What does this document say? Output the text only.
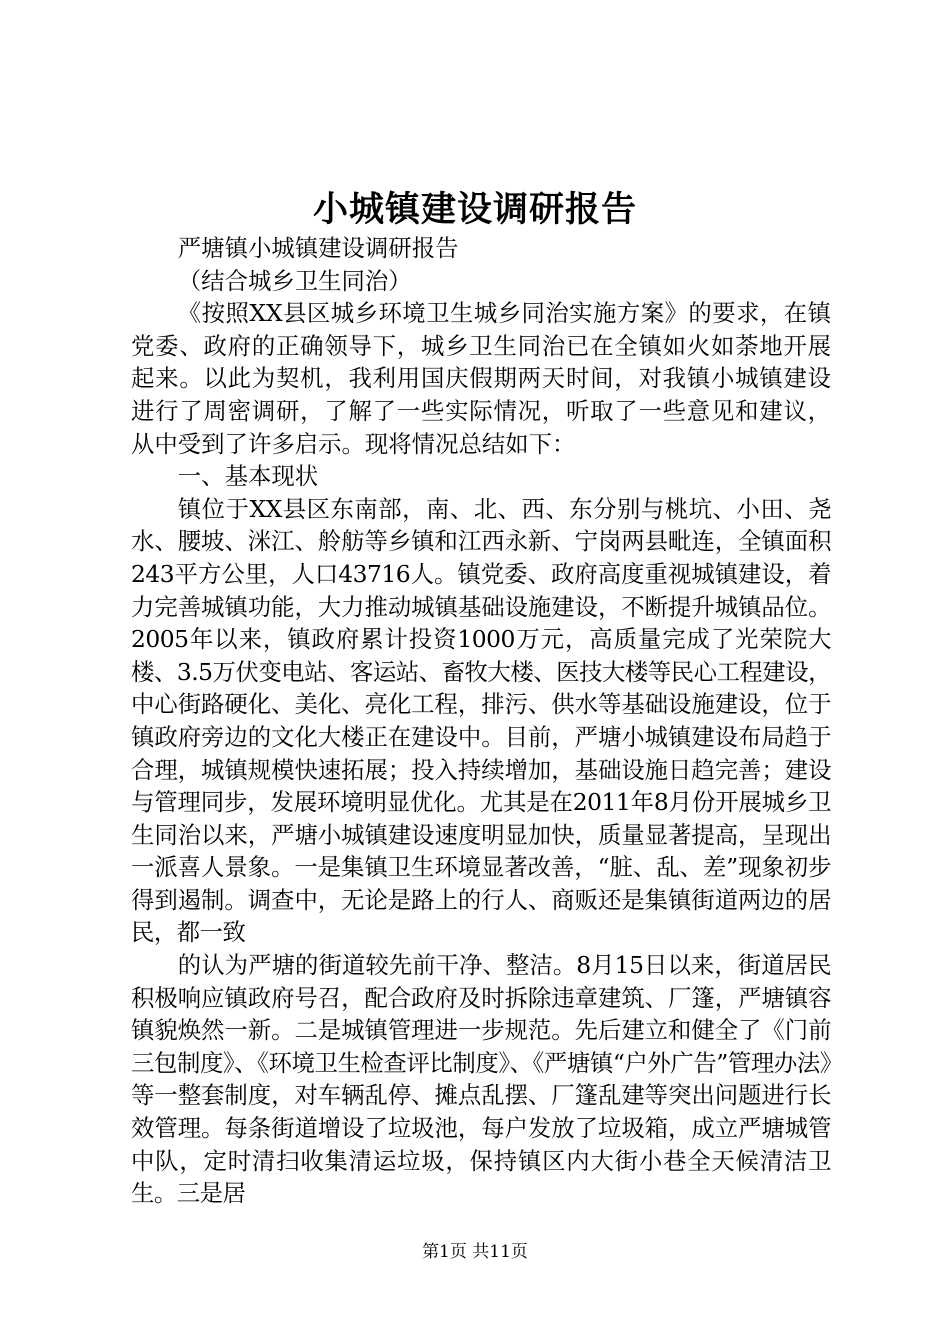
小城镇建设调研报告

严塘镇小城镇建设调研报告

（结合城乡卫生同治）

《按照XX县区城乡环境卫生城乡同治实施方案》的要求，在镇党委、政府的正确领导下，城乡卫生同治已在全镇如火如荼地开展起来。以此为契机，我利用国庆假期两天时间，对我镇小城镇建设进行了周密调研，了解了一些实际情况，听取了一些意见和建议，从中受到了许多启示。现将情况总结如下：

一、基本现状

镇位于XX县区东南部，南、北、西、东分别与桃坑、小田、尧水、腰坡、洣江、舲舫等乡镇和江西永新、宁岗两县毗连，全镇面积243平方公里，人口43716人。镇党委、政府高度重视城镇建设，着力完善城镇功能，大力推动城镇基础设施建设，不断提升城镇品位。2005年以来，镇政府累计投资1000万元，高质量完成了光荣院大楼、3.5万伏变电站、客运站、畜牧大楼、医技大楼等民心工程建设，中心街路硬化、美化、亮化工程，排污、供水等基础设施建设，位于镇政府旁边的文化大楼正在建设中。目前，严塘小城镇建设布局趋于合理，城镇规模快速拓展；投入持续增加，基础设施日趋完善；建设与管理同步，发展环境明显优化。尤其是在2011年8月份开展城乡卫生同治以来，严塘小城镇建设速度明显加快，质量显著提高，呈现出一派喜人景象。一是集镇卫生环境显著改善，“脏、乱、差”现象初步得到遏制。调查中，无论是路上的行人、商贩还是集镇街道两边的居民，都一致

的认为严塘的街道较先前干净、整洁。8月15日以来，街道居民积极响应镇政府号召，配合政府及时拆除违章建筑、厂篷，严塘镇容镇貌焕然一新。二是城镇管理进一步规范。先后建立和健全了《门前三包制度》、《环境卫生检查评比制度》、《严塘镇“户外广告”管理办法》等一整套制度，对车辆乱停、摊点乱摆、厂篷乱建等突出问题进行长效管理。每条街道增设了垃圾池，每户发放了垃圾箱，成立严塘城管中队，定时清扫收集清运垃圾，保持镇区内大街小巷全天候清洁卫生。三是居

第1页 共11页
